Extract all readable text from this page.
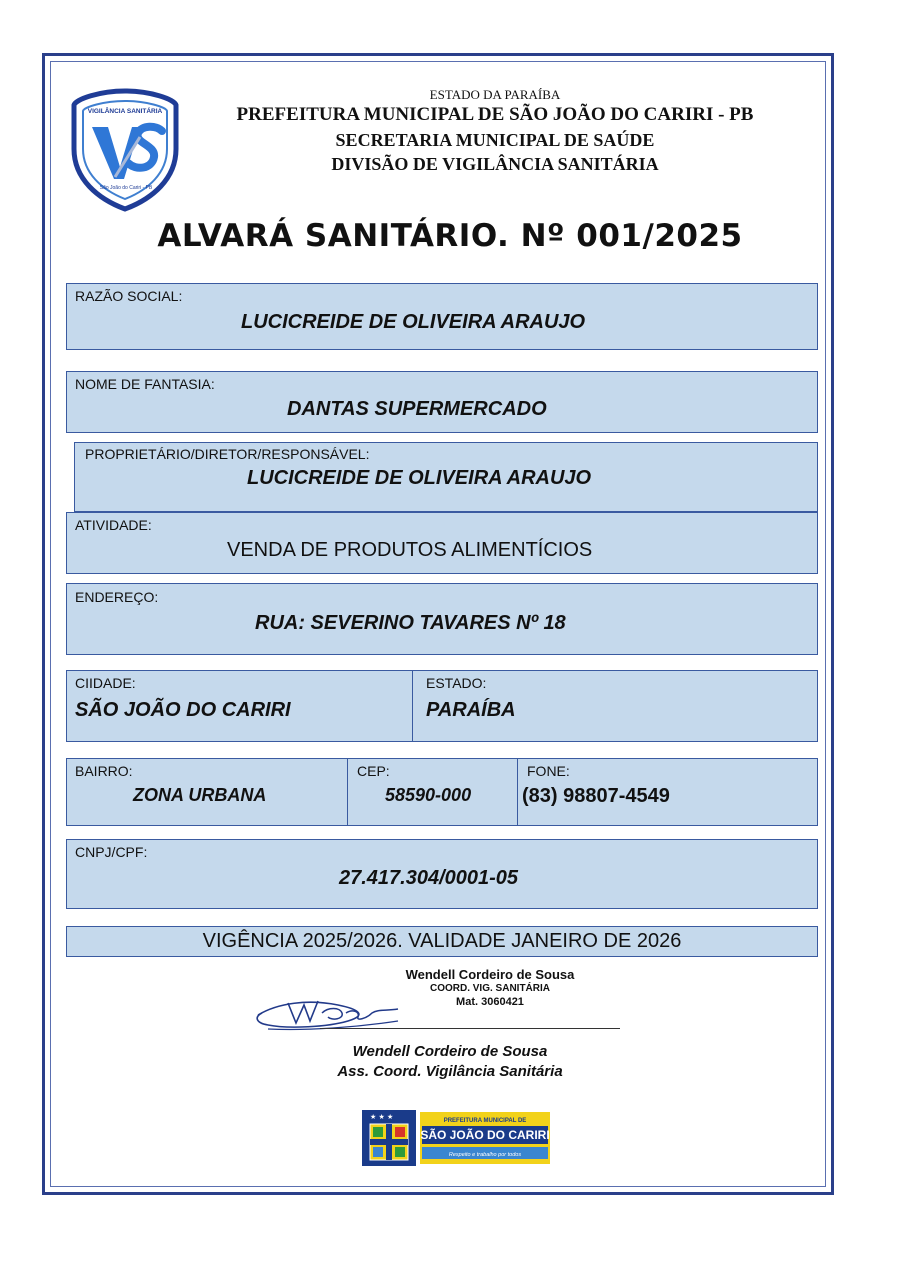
VIGILÂNCIA SANITÁRIA
São João do Cariri - PB

ESTADO DA PARAÍBA

PREFEITURA MUNICIPAL DE SÃO JOÃO DO CARIRI - PB

SECRETARIA MUNICIPAL DE SAÚDE

DIVISÃO DE VIGILÂNCIA SANITÁRIA

ALVARÁ SANITÁRIO. Nº 001/2025
RAZÃO SOCIAL:
LUCICREIDE DE OLIVEIRA ARAUJO
NOME DE FANTASIA:
DANTAS SUPERMERCADO
PROPRIETÁRIO/DIRETOR/RESPONSÁVEL:
LUCICREIDE DE OLIVEIRA ARAUJO
ATIVIDADE:
VENDA DE PRODUTOS ALIMENTÍCIOS
ENDEREÇO:
RUA: SEVERINO TAVARES Nº 18
CIIDADE:
SÃO JOÃO DO CARIRI
ESTADO:
PARAÍBA
BAIRRO:
ZONA URBANA
CEP:
58590-000
FONE:
(83) 98807-4549
CNPJ/CPF:
27.417.304/0001-05
VIGÊNCIA 2025/2026. VALIDADE JANEIRO DE 2026
Wendell Cordeiro de Sousa
COORD. VIG. SANITÁRIA
Mat. 3060421
Wendell Cordeiro de Sousa
Ass. Coord. Vigilância Sanitária
★ ★ ★	PREFEITURA MUNICIPAL DE
SÃO JOÃO DO CARIRI
Respeito e trabalho por todos
